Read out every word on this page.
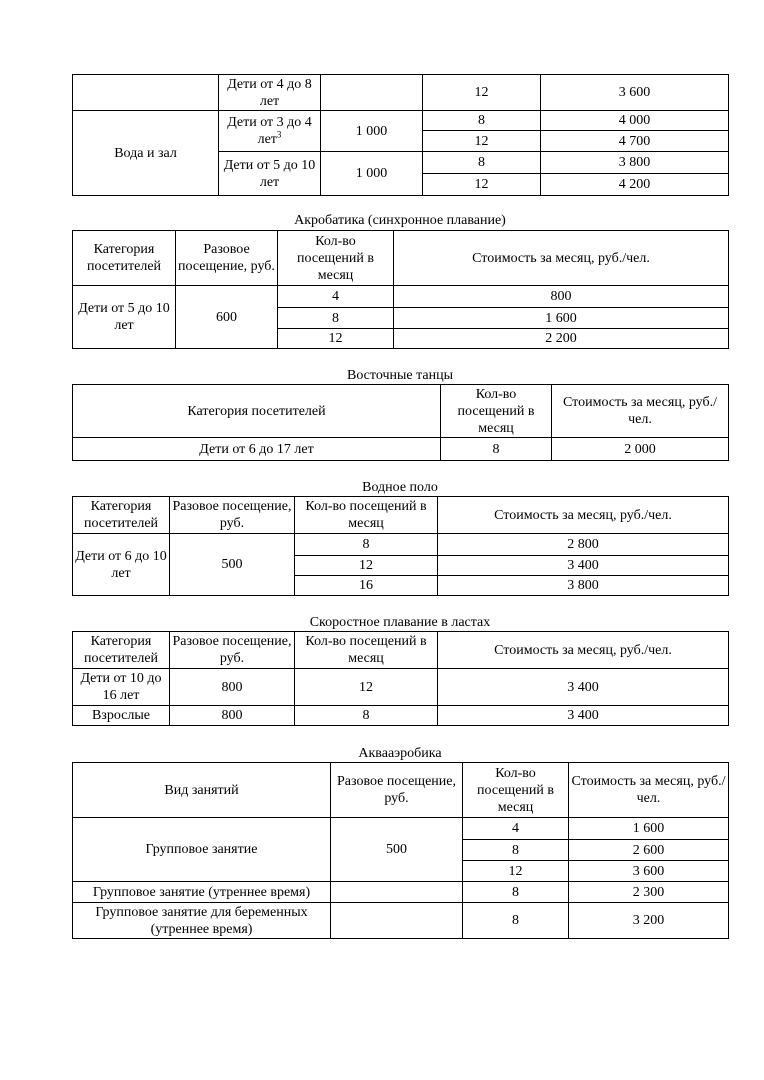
	Дети от 4 до 8 лет		12	3 600
Вода и зал	Дети от 3 до 4 лет$^3$	1 000	8	4 000
			12	4 700
	Дети от 5 до 10 лет	1 000	8	3 800
			12	4 200
Акробатика (синхронное плавание)
Категория посетителей	Разовое посещение, руб.	Кол-во посещений в месяц	Стоимость за месяц, руб./чел.
Дети от 5 до 10 лет	600	4	800
		8	1 600
		12	2 200
Восточные танцы
Категория посетителей	Кол-во посещений в месяц	Стоимость за месяц, руб./чел.
Дети от 6 до 17 лет	8	2 000
Водное поло
Категория посетителей	Разовое посещение, руб.	Кол-во посещений в месяц	Стоимость за месяц, руб./чел.
Дети от 6 до 10 лет	500	8	2 800
		12	3 400
		16	3 800
Скоростное плавание в ластах
Категория посетителей	Разовое посещение, руб.	Кол-во посещений в месяц	Стоимость за месяц, руб./чел.
Дети от 10 до 16 лет	800	12	3 400
Взрослые	800	8	3 400
Аквааэробика
Вид занятий	Разовое посещение, руб.	Кол-во посещений в месяц	Стоимость за месяц, руб./чел.
Групповое занятие	500	4	1 600
		8	2 600
		12	3 600
Групповое занятие (утреннее время)		8	2 300
Групповое занятие для беременных (утреннее время)		8	3 200
